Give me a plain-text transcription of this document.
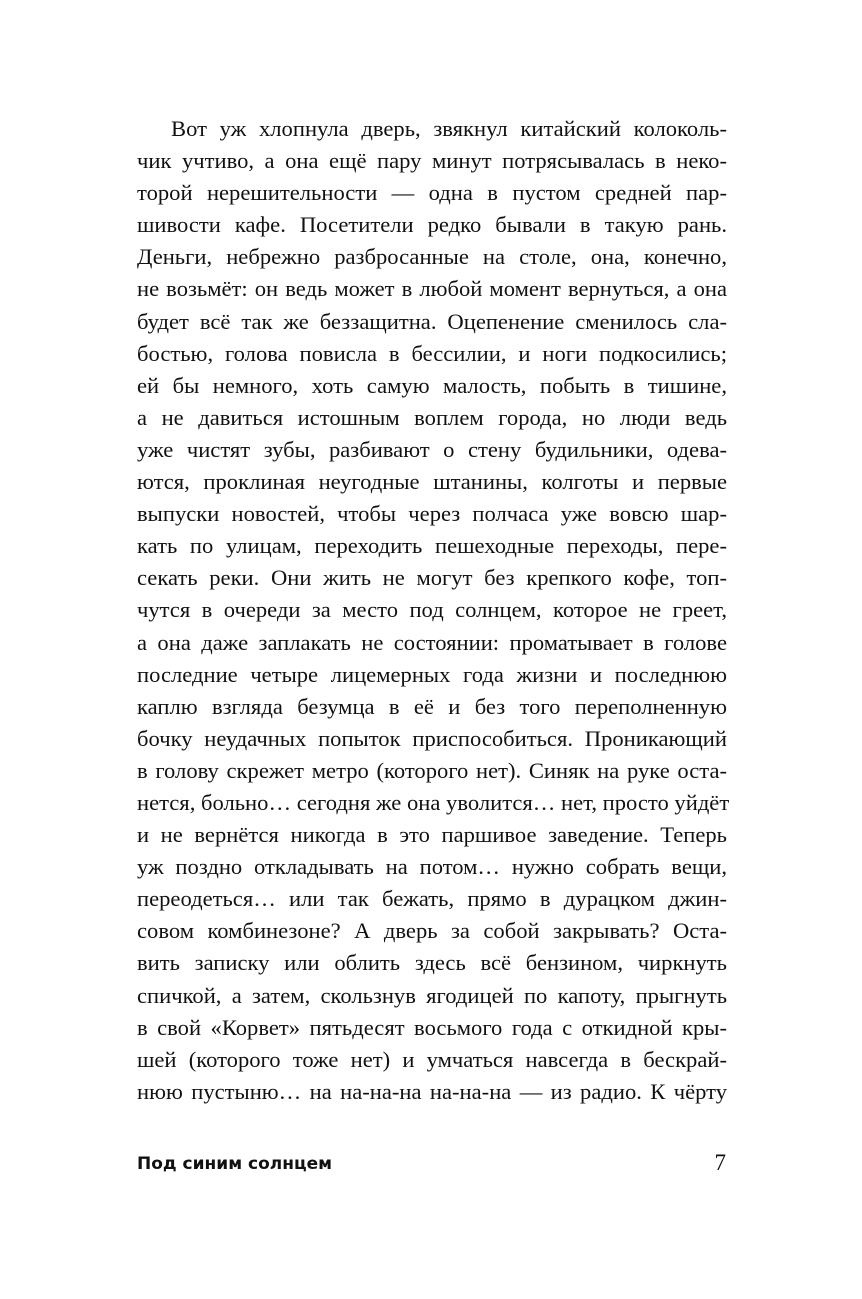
Вот уж хлопнула дверь, звякнул китайский колоколь-
чик учтиво, а она ещё пару минут потрясывалась в неко-
торой нерешительности — одна в пустом средней пар-
шивости кафе. Посетители редко бывали в такую рань.
Деньги, небрежно разбросанные на столе, она, конечно,
не возьмёт: он ведь может в любой момент вернуться, а она
будет всё так же беззащитна. Оцепенение сменилось сла-
бостью, голова повисла в бессилии, и ноги подкосились;
ей бы немного, хоть самую малость, побыть в тишине,
а не давиться истошным воплем города, но люди ведь
уже чистят зубы, разбивают о стену будильники, одева-
ются, проклиная неугодные штанины, колготы и первые
выпуски новостей, чтобы через полчаса уже вовсю шар-
кать по улицам, переходить пешеходные переходы, пере-
секать реки. Они жить не могут без крепкого кофе, топ-
чутся в очереди за место под солнцем, которое не греет,
а она даже заплакать не состоянии: проматывает в голове
последние четыре лицемерных года жизни и последнюю
каплю взгляда безумца в её и без того переполненную
бочку неудачных попыток приспособиться. Проникающий
в голову скрежет метро (которого нет). Синяк на руке оста-
нется, больно… сегодня же она уволится… нет, просто уйдёт
и не вернётся никогда в это паршивое заведение. Теперь
уж поздно откладывать на потом… нужно собрать вещи,
переодеться… или так бежать, прямо в дурацком джин-
совом комбинезоне? А дверь за собой закрывать? Оста-
вить записку или облить здесь всё бензином, чиркнуть
спичкой, а затем, скользнув ягодицей по капоту, прыгнуть
в свой «Корвет» пятьдесят восьмого года с откидной кры-
шей (которого тоже нет) и умчаться навсегда в бескрай-
нюю пустыню… на на-на-на на-на-на — из радио. К чёрту
Под синим солнцем	7
